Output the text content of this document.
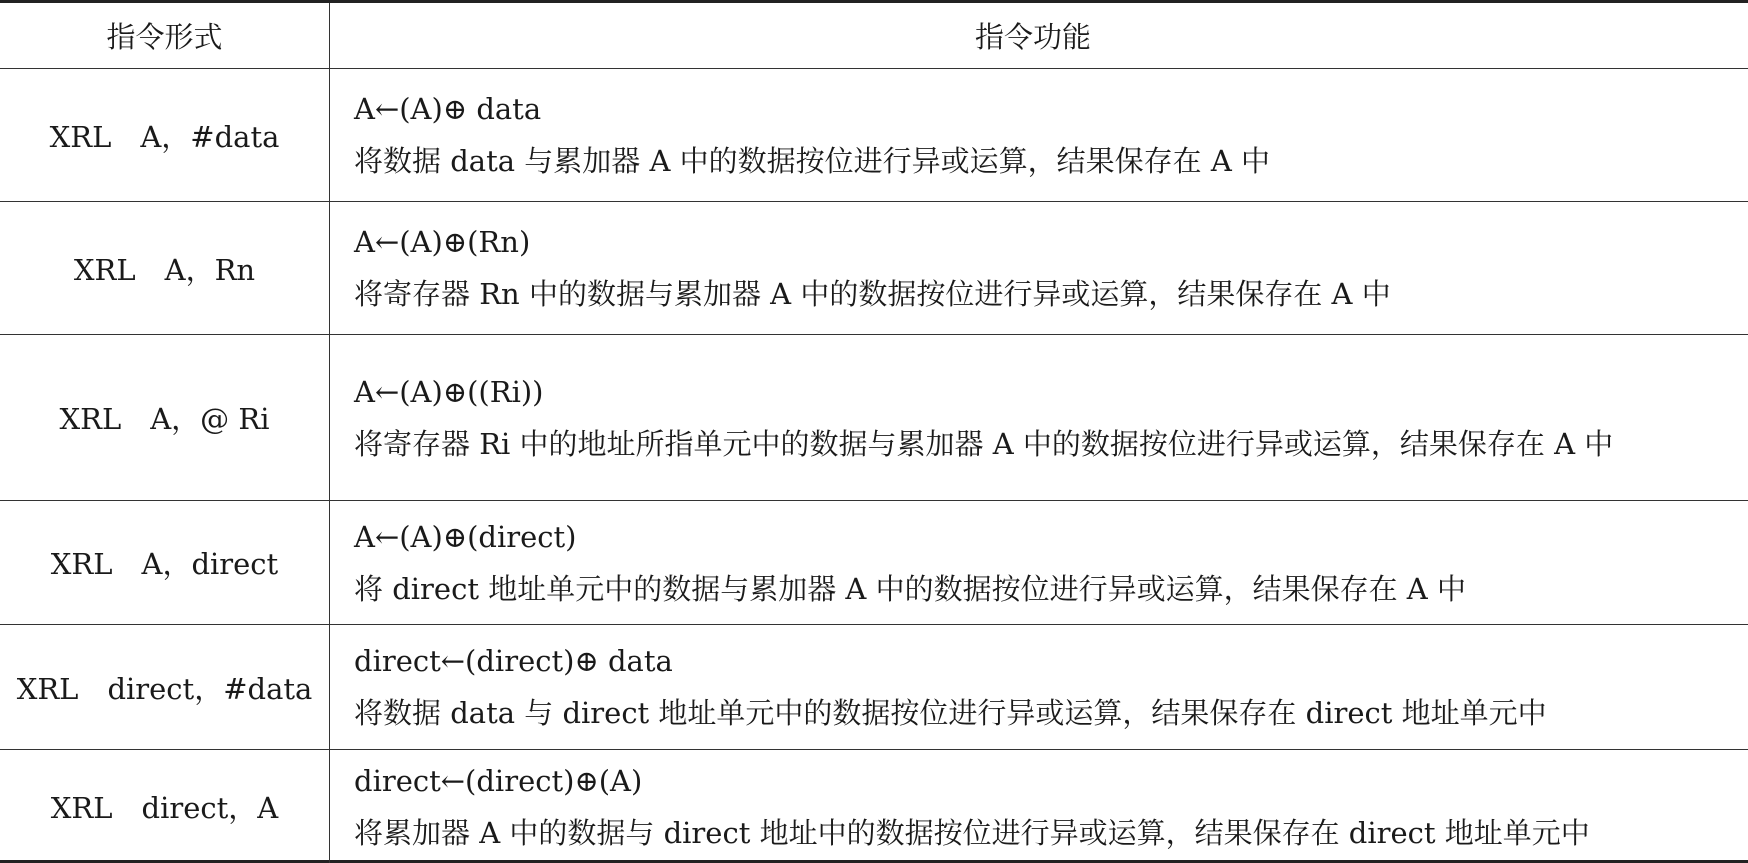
指令形式	指令功能
XRL　A，#data
A←(A)⊕ data
将数据 data 与累加器 A 中的数据按位进行异或运算，结果保存在 A 中
XRL　A，Rn
A←(A)⊕(Rn)
将寄存器 Rn 中的数据与累加器 A 中的数据按位进行异或运算，结果保存在 A 中
XRL　A，@ Ri
A←(A)⊕((Ri))
将寄存器 Ri 中的地址所指单元中的数据与累加器 A 中的数据按位进行异或运算，结果保存在 A 中
XRL　A，direct
A←(A)⊕(direct)
将 direct 地址单元中的数据与累加器 A 中的数据按位进行异或运算，结果保存在 A 中
XRL　direct，#data
direct←(direct)⊕ data
将数据 data 与 direct 地址单元中的数据按位进行异或运算，结果保存在 direct 地址单元中
XRL　direct，A
direct←(direct)⊕(A)
将累加器 A 中的数据与 direct 地址中的数据按位进行异或运算，结果保存在 direct 地址单元中
